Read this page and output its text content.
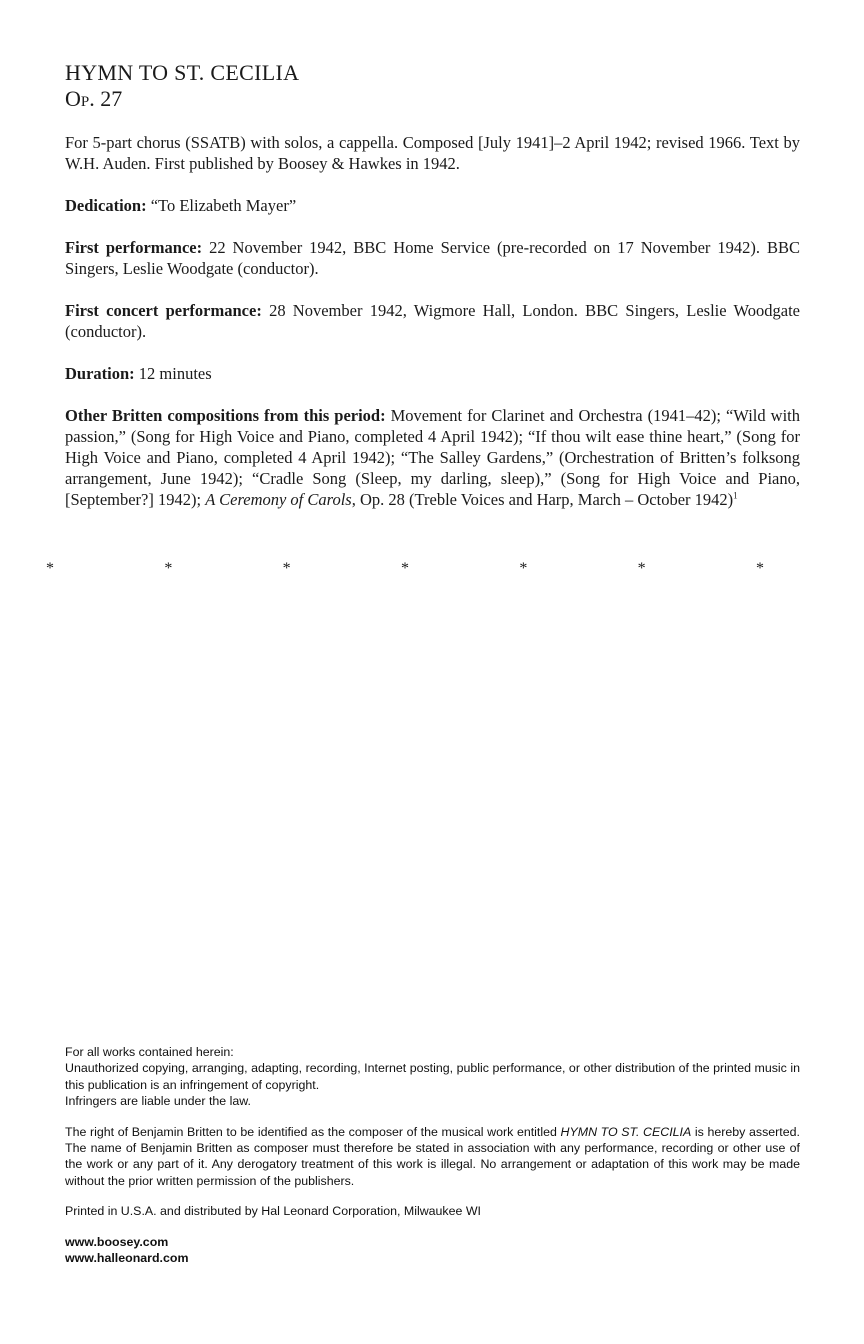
HYMN TO ST. CECILIA
Op. 27

For 5-part chorus (SSATB) with solos, a cappella. Composed [July 1941]–2 April 1942; revised 1966. Text by W.H. Auden. First published by Boosey & Hawkes in 1942.

Dedication: “To Elizabeth Mayer”

First performance: 22 November 1942, BBC Home Service (pre-recorded on 17 November 1942). BBC Singers, Leslie Woodgate (conductor).

First concert performance: 28 November 1942, Wigmore Hall, London. BBC Singers, Leslie Woodgate (conductor).

Duration: 12 minutes

Other Britten compositions from this period: Movement for Clarinet and Orchestra (1941–42); “Wild with passion,” (Song for High Voice and Piano, completed 4 April 1942); “If thou wilt ease thine heart,” (Song for High Voice and Piano, completed 4 April 1942); “The Salley Gardens,” (Orchestration of Britten’s folksong arrangement, June 1942); “Cradle Song (Sleep, my darling, sleep),” (Song for High Voice and Piano, [September?] 1942); A Ceremony of Carols, Op. 28 (Treble Voices and Harp, March – October 1942)$^1$

*	*	*	*	*	*	*

For all works contained herein:

Unauthorized copying, arranging, adapting, recording, Internet posting, public performance, or other distribution of the printed music in this publication is an infringement of copyright.

Infringers are liable under the law.

The right of Benjamin Britten to be identified as the composer of the musical work entitled HYMN TO ST. CECILIA is hereby asserted. The name of Benjamin Britten as composer must therefore be stated in association with any performance, recording or other use of the work or any part of it. Any derogatory treatment of this work is illegal. No arrangement or adaptation of this work may be made without the prior written permission of the publishers.

Printed in U.S.A. and distributed by Hal Leonard Corporation, Milwaukee WI

www.boosey.com

www.halleonard.com
